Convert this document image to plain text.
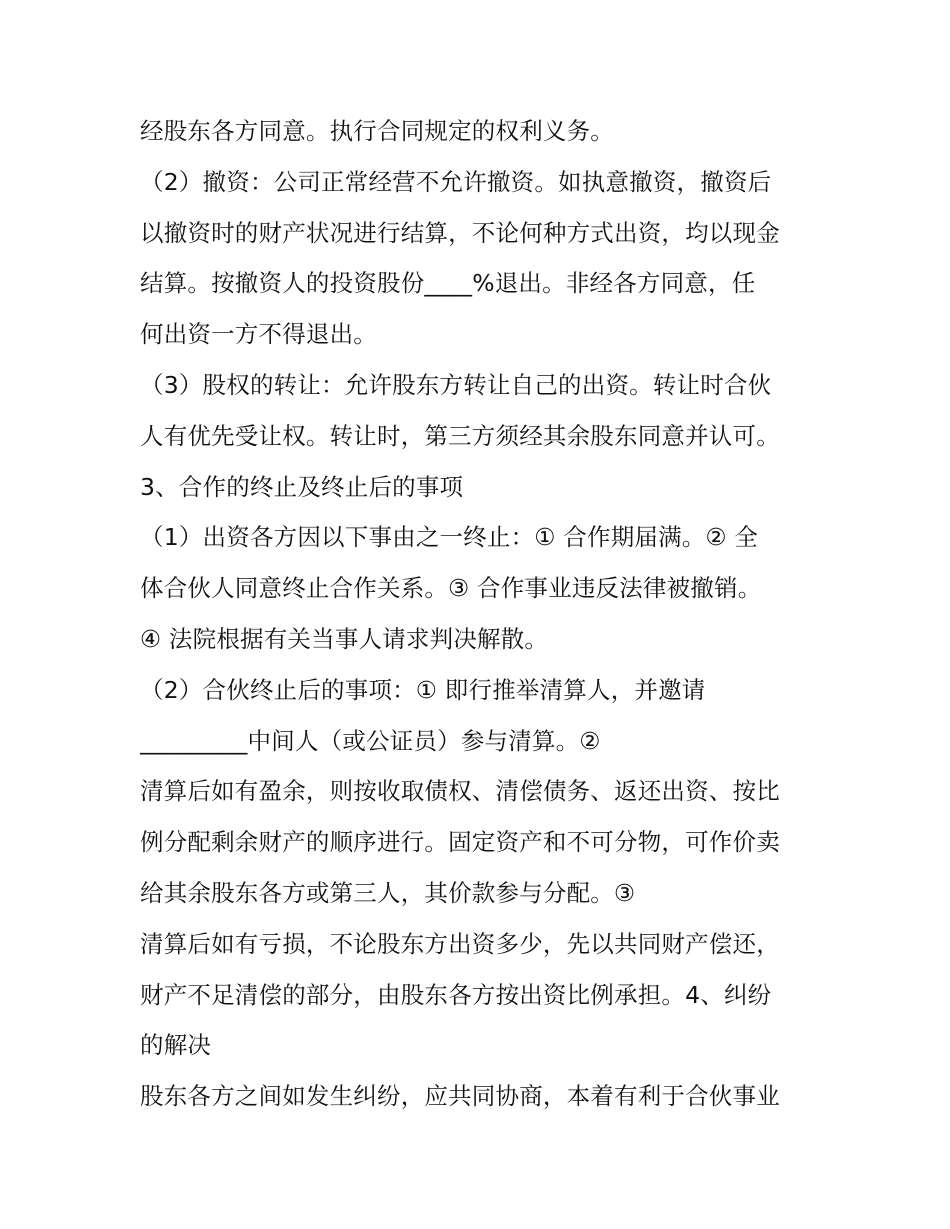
经股东各方同意。执行合同规定的权利义务。
（2）撤资：公司正常经营不允许撤资。如执意撤资，撤资后
以撤资时的财产状况进行结算，不论何种方式出资，均以现金
结算。按撤资人的投资股份____%退出。非经各方同意，任
何出资一方不得退出。
（3）股权的转让：允许股东方转让自己的出资。转让时合伙
人有优先受让权。转让时，第三方须经其余股东同意并认可。
3、合作的终止及终止后的事项
（1）出资各方因以下事由之一终止：① 合作期届满。② 全
体合伙人同意终止合作关系。③ 合作事业违反法律被撤销。
④ 法院根据有关当事人请求判决解散。
（2）合伙终止后的事项：① 即行推举清算人，并邀请
_________中间人（或公证员）参与清算。②
清算后如有盈余，则按收取债权、清偿债务、返还出资、按比
例分配剩余财产的顺序进行。固定资产和不可分物，可作价卖
给其余股东各方或第三人，其价款参与分配。③
清算后如有亏损，不论股东方出资多少，先以共同财产偿还，
财产不足清偿的部分，由股东各方按出资比例承担。4、纠纷
的解决
股东各方之间如发生纠纷，应共同协商，本着有利于合伙事业
